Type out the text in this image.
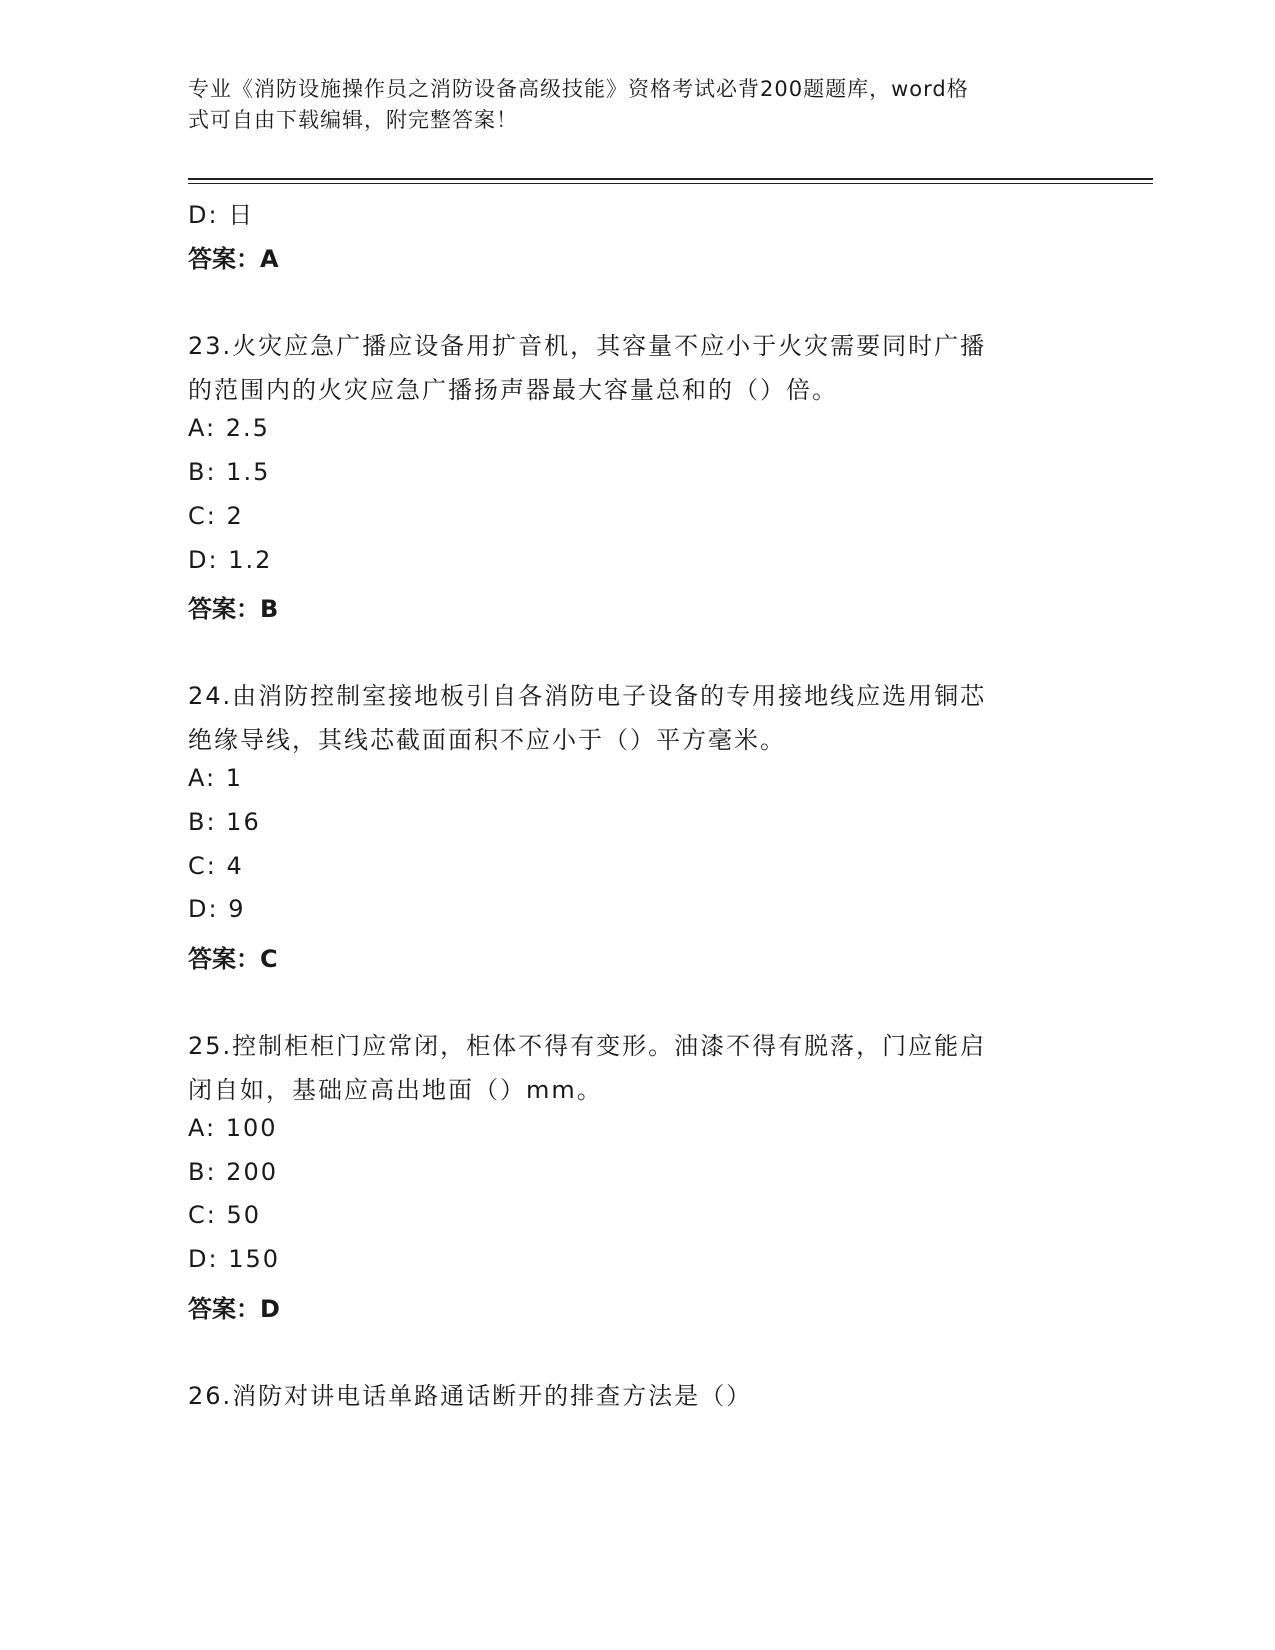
专业《消防设施操作员之消防设备高级技能》资格考试必背200题题库，word格
式可自由下载编辑，附完整答案！
D: 日
答案：A
23.火灾应急广播应设备用扩音机，其容量不应小于火灾需要同时广播
的范围内的火灾应急广播扬声器最大容量总和的（）倍。
A: 2.5
B: 1.5
C: 2
D: 1.2
答案：B
24.由消防控制室接地板引自各消防电子设备的专用接地线应选用铜芯
绝缘导线，其线芯截面面积不应小于（）平方毫米。
A: 1
B: 16
C: 4
D: 9
答案：C
25.控制柜柜门应常闭，柜体不得有变形。油漆不得有脱落，门应能启
闭自如，基础应高出地面（）mm。
A: 100
B: 200
C: 50
D: 150
答案：D
26.消防对讲电话单路通话断开的排查方法是（）
